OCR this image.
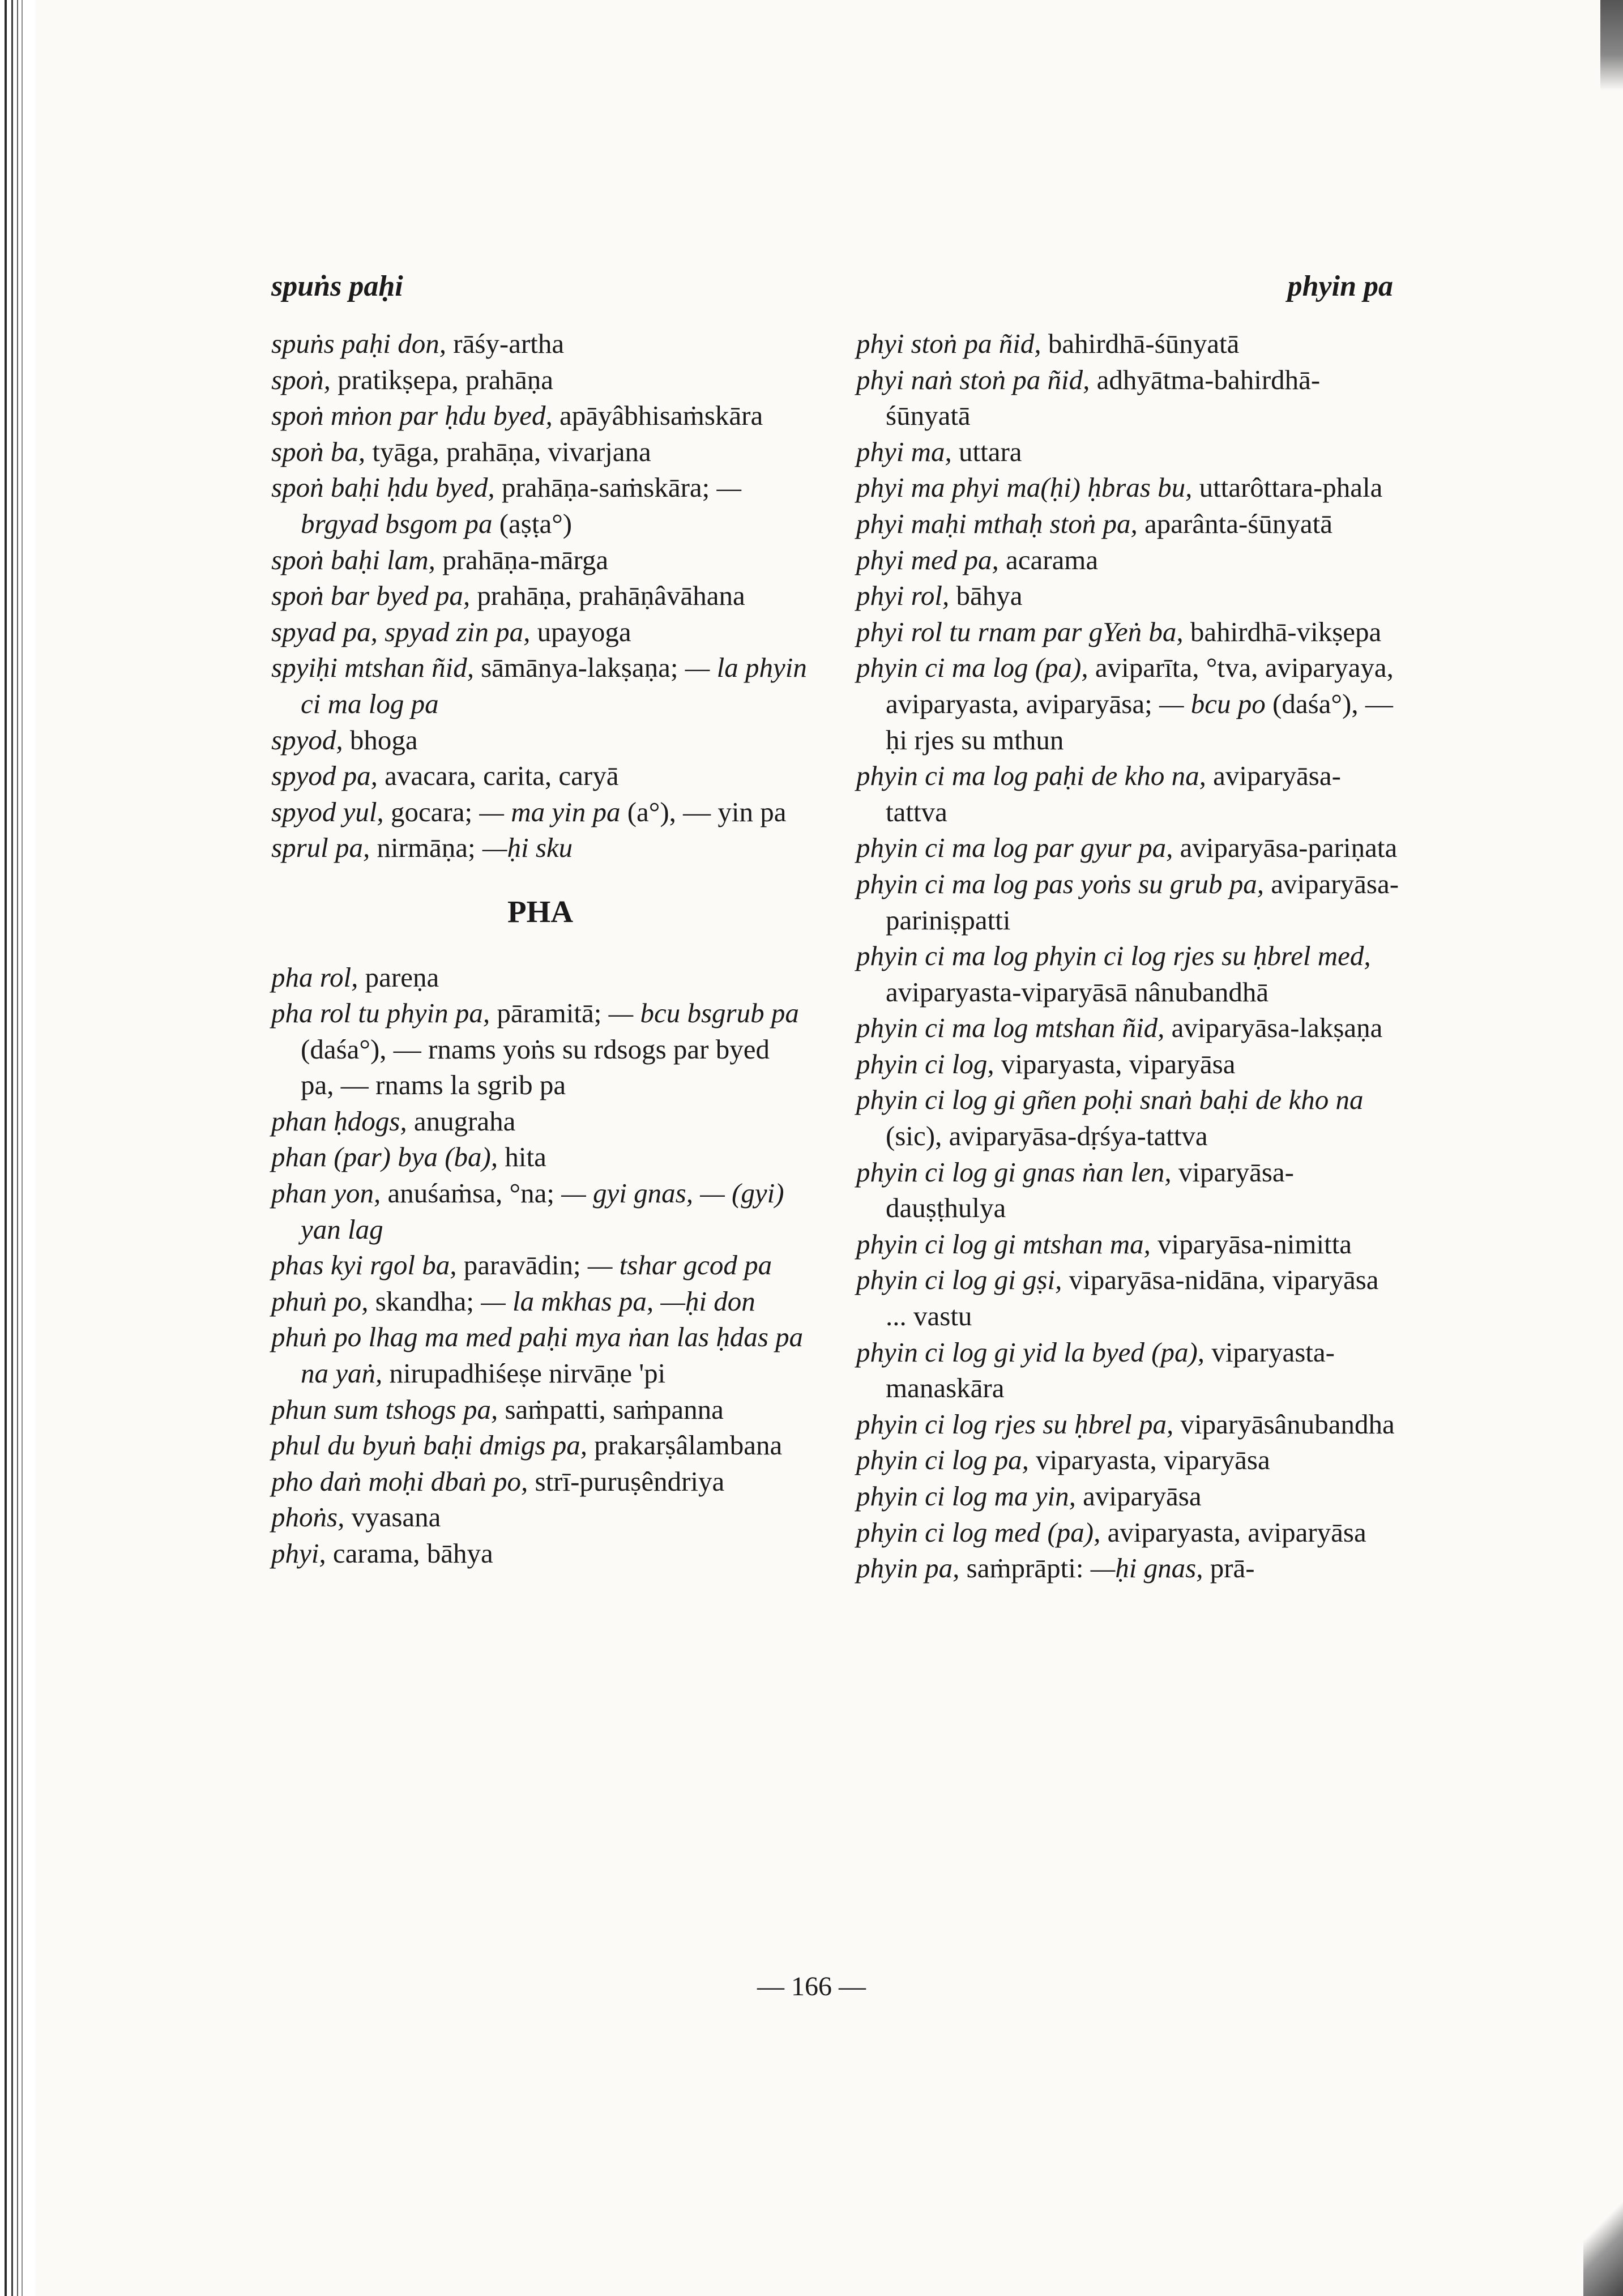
spuṅs paḥi	phyin pa
spuṅs paḥi don, rāśy-artha
spoṅ, pratikṣepa, prahāṇa
spoṅ mṅon par ḥdu byed, apāyâbhisaṁskāra
spoṅ ba, tyāga, prahāṇa, vivarjana
spoṅ baḥi ḥdu byed, prahāṇa-saṁskāra; — brgyad bsgom pa (aṣṭa°)
spoṅ baḥi lam, prahāṇa-mārga
spoṅ bar byed pa, prahāṇa, prahāṇâvāhana
spyad pa, spyad zin pa, upayoga
spyiḥi mtshan ñid, sāmānya-lakṣaṇa; — la phyin ci ma log pa
spyod, bhoga
spyod pa, avacara, carita, caryā
spyod yul, gocara; — ma yin pa (a°), — yin pa
sprul pa, nirmāṇa; —ḥi sku
PHA
pha rol, pareṇa
pha rol tu phyin pa, pāramitā; — bcu bsgrub pa (daśa°), — rnams yoṅs su rdsogs par byed pa, — rnams la sgrib pa
phan ḥdogs, anugraha
phan (par) bya (ba), hita
phan yon, anuśaṁsa, °na; — gyi gnas, — (gyi) yan lag
phas kyi rgol ba, paravādin; — tshar gcod pa
phuṅ po, skandha; — la mkhas pa, —ḥi don
phuṅ po lhag ma med paḥi mya ṅan las ḥdas pa na yaṅ, nirupadhiśeṣe nirvāṇe 'pi
phun sum tshogs pa, saṁpatti, saṁpanna
phul du byuṅ baḥi dmigs pa, prakarṣâlambana
pho daṅ moḥi dbaṅ po, strī-puruṣêndriya
phoṅs, vyasana
phyi, carama, bāhya
phyi stoṅ pa ñid, bahirdhā-śūnyatā
phyi naṅ stoṅ pa ñid, adhyātma-bahirdhā-śūnyatā
phyi ma, uttara
phyi ma phyi ma(ḥi) ḥbras bu, uttarôttara-phala
phyi maḥi mthaḥ stoṅ pa, aparânta-śūnyatā
phyi med pa, acarama
phyi rol, bāhya
phyi rol tu rnam par gYeṅ ba, bahirdhā-vikṣepa
phyin ci ma log (pa), aviparīta, °tva, aviparyaya, aviparyasta, aviparyāsa; — bcu po (daśa°), —ḥi rjes su mthun
phyin ci ma log paḥi de kho na, aviparyāsa-tattva
phyin ci ma log par gyur pa, aviparyāsa-pariṇata
phyin ci ma log pas yoṅs su grub pa, aviparyāsa-pariniṣpatti
phyin ci ma log phyin ci log rjes su ḥbrel med, aviparyasta-viparyāsā nânubandhā
phyin ci ma log mtshan ñid, aviparyāsa-lakṣaṇa
phyin ci log, viparyasta, viparyāsa
phyin ci log gi gñen poḥi snaṅ baḥi de kho na (sic), aviparyāsa-dṛśya-tattva
phyin ci log gi gnas ṅan len, viparyāsa-dauṣṭhulya
phyin ci log gi mtshan ma, viparyāsa-nimitta
phyin ci log gi gṣi, viparyāsa-nidāna, viparyāsa ... vastu
phyin ci log gi yid la byed (pa), viparyasta-manaskāra
phyin ci log rjes su ḥbrel pa, viparyāsânubandha
phyin ci log pa, viparyasta, viparyāsa
phyin ci log ma yin, aviparyāsa
phyin ci log med (pa), aviparyasta, aviparyāsa
phyin pa, saṁprāpti: —ḥi gnas, prā-
— 166 —
